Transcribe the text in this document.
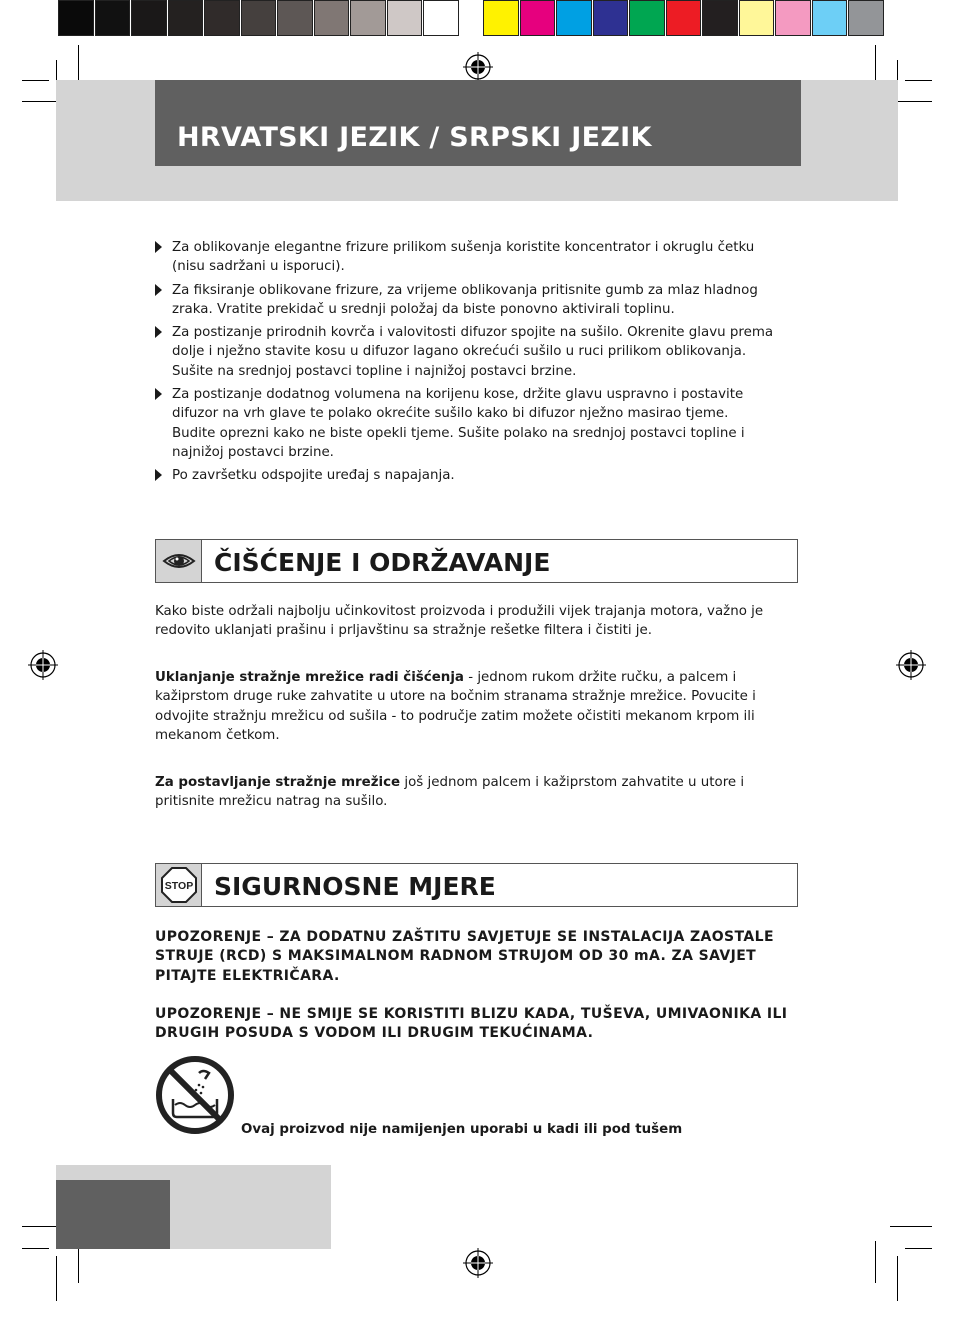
HRVATSKI JEZIK / SRPSKI JEZIK
Za oblikovanje elegantne frizure prilikom sušenja koristite koncentrator i okruglu četku (nisu sadržani u isporuci).
Za fiksiranje oblikovane frizure, za vrijeme oblikovanja pritisnite gumb za mlaz hladnog zraka. Vratite prekidač u srednji položaj da biste ponovno aktivirali toplinu.
Za postizanje prirodnih kovrča i valovitosti difuzor spojite na sušilo. Okrenite glavu prema dolje i nježno stavite kosu u difuzor lagano okrećući sušilo u ruci prilikom oblikovanja. Sušite na srednjoj postavci topline i najnižoj postavci brzine.
Za postizanje dodatnog volumena na korijenu kose, držite glavu uspravno i postavite difuzor na vrh glave te polako okrećite sušilo kako bi difuzor nježno masirao tjeme. Budite oprezni kako ne biste opekli tjeme. Sušite polako na srednjoj postavci topline i najnižoj postavci brzine.
Po završetku odspojite uređaj s napajanja.
ČIŠĆENJE I ODRŽAVANJE

Kako biste održali najbolju učinkovitost proizvoda i produžili vijek trajanja motora, važno je redovito uklanjati prašinu i prljavštinu sa stražnje rešetke filtera i čistiti je.

Uklanjanje stražnje mrežice radi čišćenja - jednom rukom držite ručku, a palcem i kažiprstom druge ruke zahvatite u utore na bočnim stranama stražnje mrežice. Povucite i odvojite stražnju mrežicu od sušila - to područje zatim možete očistiti mekanom krpom ili mekanom četkom.

Za postavljanje stražnje mrežice još jednom palcem i kažiprstom zahvatite u utore i pritisnite mrežicu natrag na sušilo.

STOP SIGURNOSNE MJERE

UPOZORENJE – ZA DODATNU ZAŠTITU SAVJETUJE SE INSTALACIJA ZAOSTALE STRUJE (RCD) S MAKSIMALNOM RADNOM STRUJOM OD 30 mA. ZA SAVJET PITAJTE ELEKTRIČARA.

UPOZORENJE – NE SMIJE SE KORISTITI BLIZU KADA, TUŠEVA, UMIVAONIKA ILI DRUGIH POSUDA S VODOM ILI DRUGIM TEKUĆINAMA.

Ovaj proizvod nije namijenjen uporabi u kadi ili pod tušem
